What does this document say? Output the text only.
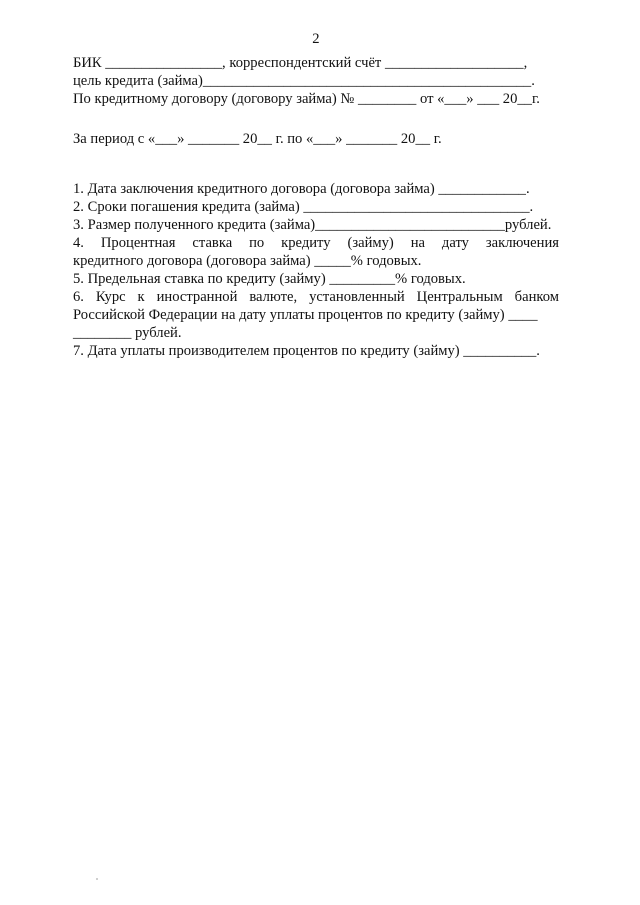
2
БИК ________________, корреспондентский счёт ___________________,
цель кредита (займа)_____________________________________________.
По кредитному договору (договору займа) № ________ от «___» ___ 20__г.
За период с «___» _______ 20__ г. по «___» _______ 20__ г.
1. Дата заключения кредитного договора (договора займа) ____________.
2. Сроки погашения кредита (займа) _______________________________.
3. Размер полученного кредита (займа)__________________________рублей.
4. Процентная ставка по кредиту (займу) на дату заключения
кредитного договора (договора займа) _____% годовых.
5. Предельная ставка по кредиту (займу) _________% годовых.
6. Курс к иностранной валюте, установленный Центральным банком
Российской Федерации на дату уплаты процентов по кредиту (займу) ____
________ рублей.
7. Дата уплаты производителем процентов по кредиту (займу) __________.
